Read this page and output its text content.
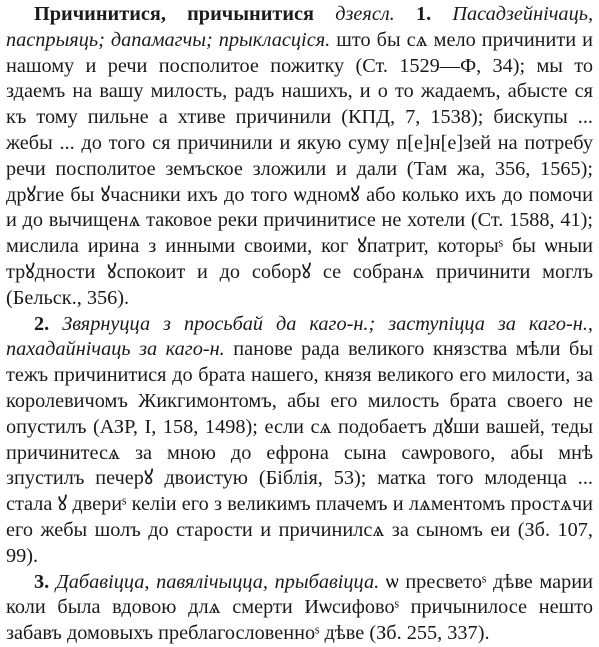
Причинитися, причынитися дзеясл. 1. Пасадзейнічаць, паспрыяць; дапамагчы; прыкласціся. што бы сѧ мело причинити и нашому и речи посполитое пожитку (Ст. 1529—Ф, 34); мы то здаемъ на вашу милость, радъ нашихъ, и о то жадаемъ, абысте ся къ тому пильне а хтиве причинили (КПД, 7, 1538); бискупы ... жебы ... до того ся причинили и якую суму п[е]н[е]зей на потребу речи посполитое земъское зложили и дали (Там жа, 356, 1565); дрꙋгие бы ꙋчасники ихъ до того ѡдномꙋ або колько ихъ до помочи и до вычищенѧ таковое реки причинитисе не хотели (Ст. 1588, 41); мислила ирина з инными своими, ког ꙋпатрит, которыˢ бы ѡныи трꙋдности ꙋспокоит и до соборꙋ се собранѧ причинити моглъ (Бельск., 356).

2. Звярнуцца з просьбай да каго-н.; заступіцца за каго-н., пахадайнічаць за каго-н. панове рада великого князства мѣли бы тежъ причинитися до брата нашего, князя великого его милости, за королевичомъ Жикгимонтомъ, абы его милость брата своего не опустилъ (АЗР, I, 158, 1498); если сѧ подобаетъ дꙋши вашей, теды причинитесѧ за мною до ефрона сына саѡрового, абы мнѣ зпустилъ печерꙋ двоистую (Біблія, 53); матка того млоденца ... стала ꙋ двериˢ келіи его з великимъ плачемъ и лѧментомъ простѧчи его жебы шолъ до старости и причинилсѧ за сыномъ еи (Зб. 107, 99).

3. Дабавіцца, павялічыцца, прыбавіцца. ѡ пресветоˢ дѣве марии коли была вдовою длѧ смерти Иѡсифовоˢ причынилосе нешто забавъ домовыхъ преблагословенноˢ дѣве (Зб. 255, 337).
